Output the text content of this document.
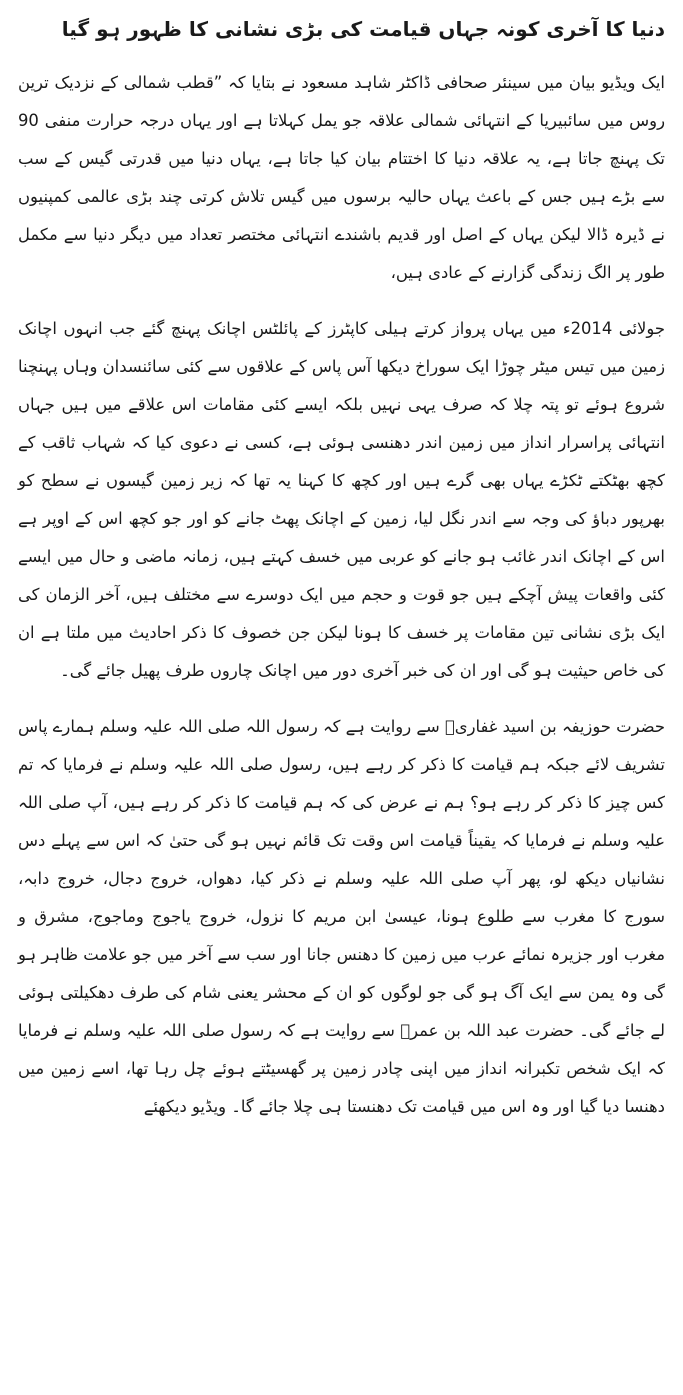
دنیا کا آخری کونہ جہاں قیامت کی بڑی نشانی کا ظہور ہو گیا

ایک ویڈیو بیان میں سینئر صحافی ڈاکٹر شاہد مسعود نے بتایا کہ ”قطب شمالی کے نزدیک ترین روس میں سائبیریا کے انتہائی شمالی علاقہ جو یمل کہلاتا ہے اور یہاں درجہ حرارت منفی 90 تک پہنچ جاتا ہے، یہ علاقہ دنیا کا اختتام بیان کیا جاتا ہے، یہاں دنیا میں قدرتی گیس کے سب سے بڑے ہیں جس کے باعث یہاں حالیہ برسوں میں گیس تلاش کرتی چند بڑی عالمی کمپنیوں نے ڈیرہ ڈالا لیکن یہاں کے اصل اور قدیم باشندے انتہائی مختصر تعداد میں دیگر دنیا سے مکمل طور پر الگ زندگی گزارنے کے عادی ہیں،

جولائی 2014ء میں یہاں پرواز کرتے ہیلی کاپٹرز کے پائلٹس اچانک پہنچ گئے جب انہوں اچانک زمین میں تیس میٹر چوڑا ایک سوراخ دیکھا آس پاس کے علاقوں سے کئی سائنسدان وہاں پہنچنا شروع ہوئے تو پتہ چلا کہ صرف یہی نہیں بلکہ ایسے کئی مقامات اس علاقے میں ہیں جہاں انتہائی پراسرار انداز میں زمین اندر دھنسی ہوئی ہے، کسی نے دعوی کیا کہ شہاب ثاقب کے کچھ بھٹکتے ٹکڑے یہاں بھی گرے ہیں اور کچھ کا کہنا یہ تھا کہ زیر زمین گیسوں نے سطح کو بھرپور دباؤ کی وجہ سے اندر نگل لیا، زمین کے اچانک پھٹ جانے کو اور جو کچھ اس کے اوپر ہے اس کے اچانک اندر غائب ہو جانے کو عربی میں خسف کہتے ہیں، زمانہ ماضی و حال میں ایسے کئی واقعات پیش آچکے ہیں جو قوت و حجم میں ایک دوسرے سے مختلف ہیں، آخر الزمان کی ایک بڑی نشانی تین مقامات پر خسف کا ہونا لیکن جن خصوف کا ذکر احادیث میں ملتا ہے ان کی خاص حیثیت ہو گی اور ان کی خبر آخری دور میں اچانک چاروں طرف پھیل جائے گی۔

حضرت حوزیفہ بن اسید غفاریؓ سے روایت ہے کہ رسول اللہ صلی اللہ علیہ وسلم ہمارے پاس تشریف لائے جبکہ ہم قیامت کا ذکر کر رہے ہیں، رسول صلی اللہ علیہ وسلم نے فرمایا کہ تم کس چیز کا ذکر کر رہے ہو؟ ہم نے عرض کی کہ ہم قیامت کا ذکر کر رہے ہیں، آپ صلی اللہ علیہ وسلم نے فرمایا کہ یقیناً قیامت اس وقت تک قائم نہیں ہو گی حتیٰ کہ اس سے پہلے دس نشانیاں دیکھ لو، پھر آپ صلی اللہ علیہ وسلم نے ذکر کیا، دھواں، خروج دجال، خروج دابہ، سورج کا مغرب سے طلوع ہونا، عیسیٰ ابن مریم کا نزول، خروج یاجوج وماجوج، مشرق و مغرب اور جزیرہ نمائے عرب میں زمین کا دھنس جانا اور سب سے آخر میں جو علامت ظاہر ہو گی وہ یمن سے ایک آگ ہو گی جو لوگوں کو ان کے محشر یعنی شام کی طرف دھکیلتی ہوئی لے جائے گی۔ حضرت عبد اللہ بن عمرؓ سے روایت ہے کہ رسول صلی اللہ علیہ وسلم نے فرمایا کہ ایک شخص تکبرانہ انداز میں اپنی چادر زمین پر گھسیٹتے ہوئے چل رہا تھا، اسے زمین میں دھنسا دیا گیا اور وہ اس میں قیامت تک دھنستا ہی چلا جائے گا۔ ویڈیو دیکھئے
